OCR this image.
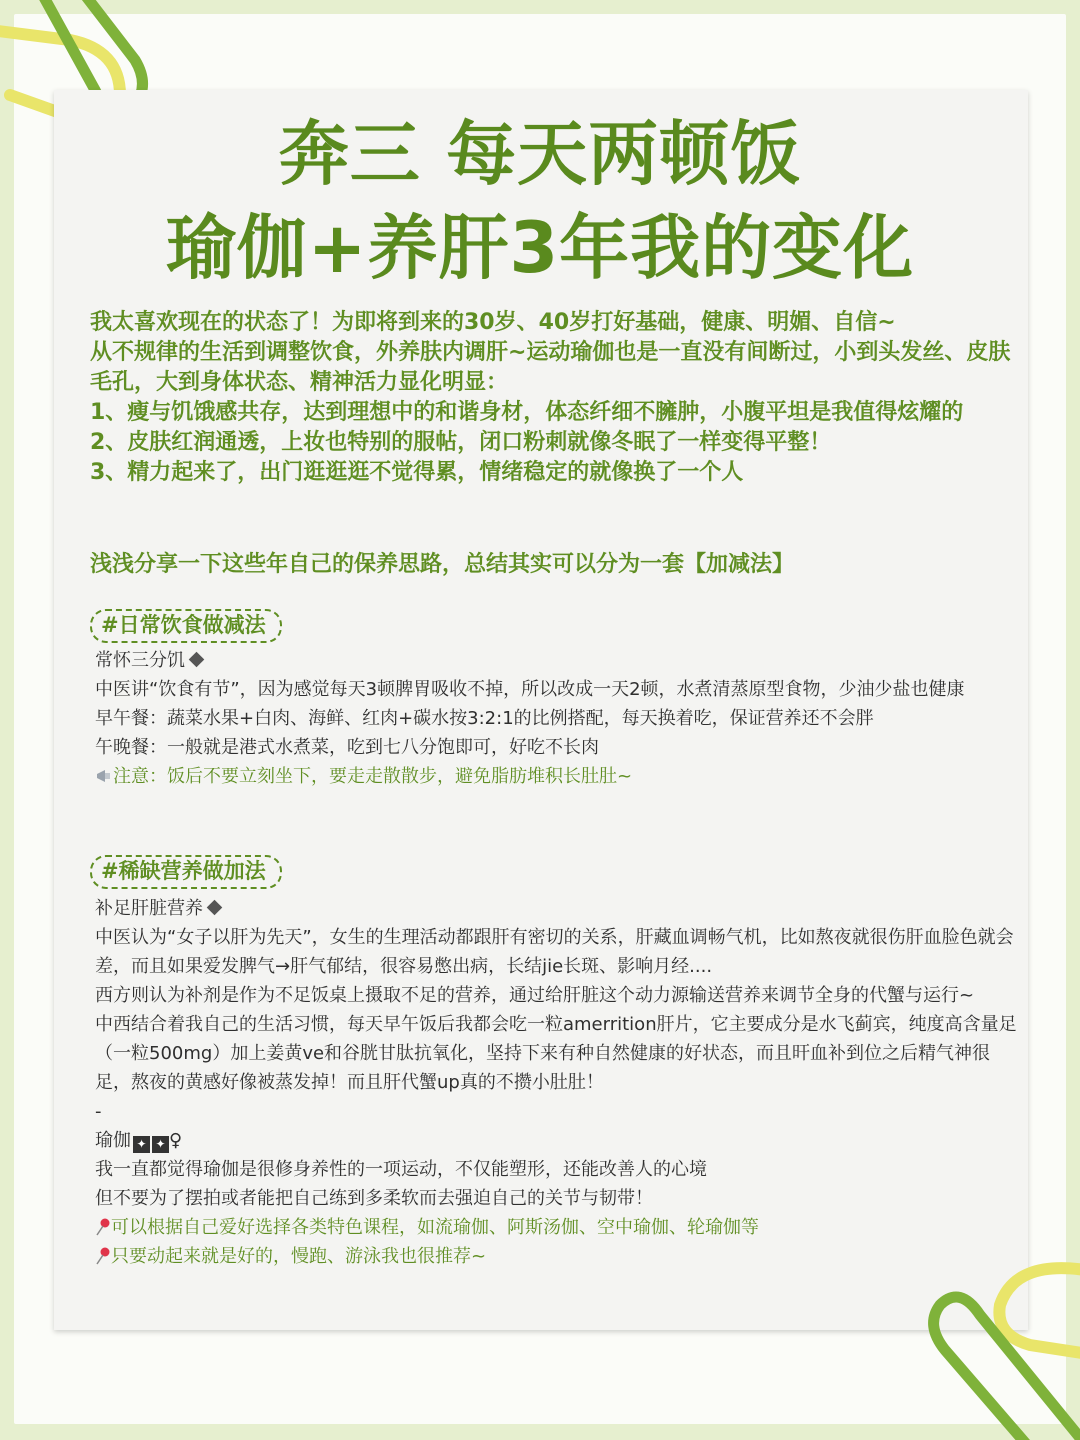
奔三 每天两顿饭
瑜伽+养肝3年我的变化

我太喜欢现在的状态了！为即将到来的30岁、40岁打好基础，健康、明媚、自信~

从不规律的生活到调整饮食，外养肤内调肝~运动瑜伽也是一直没有间断过，小到头发丝、皮肤毛孔，大到身体状态、精神活力显化明显：

1、瘦与饥饿感共存，达到理想中的和谐身材，体态纤细不臃肿，小腹平坦是我值得炫耀的

2、皮肤红润通透，上妆也特别的服帖，闭口粉刺就像冬眠了一样变得平整！

3、精力起来了，出门逛逛逛不觉得累，情绪稳定的就像换了一个人

浅浅分享一下这些年自己的保养思路，总结其实可以分为一套【加减法】
#日常饮食做减法

常怀三分饥

中医讲“饮食有节”，因为感觉每天3顿脾胃吸收不掉，所以改成一天2顿，水煮清蒸原型食物，少油少盐也健康

早午餐：蔬菜水果+白肉、海鲜、红肉+碳水按3:2:1的比例搭配，每天换着吃，保证营养还不会胖

午晚餐：一般就是港式水煮菜，吃到七八分饱即可，好吃不长肉

注意：饭后不要立刻坐下，要走走散散步，避免脂肪堆积长肚肚~

#稀缺营养做加法

补足肝脏营养

中医认为“女子以肝为先天”，女生的生理活动都跟肝有密切的关系，肝藏血调畅气机，比如熬夜就很伤肝血脸色就会差，而且如果爱发脾气→肝气郁结，很容易憋出病，长结jie长斑、影响月经....

西方则认为补剂是作为不足饭桌上摄取不足的营养，通过给肝脏这个动力源输送营养来调节全身的代蟹与运行~

中西结合着我自己的生活习惯，每天早午饭后我都会吃一粒amerrition肝片，它主要成分是水飞蓟宾，纯度高含量足（一粒500mg）加上姜黄ve和谷胱甘肽抗氧化，坚持下来有种自然健康的好状态，而且旰血补到位之后精气神很足，熬夜的黄感好像被蒸发掉！而且肝代蟹up真的不攒小肚肚！

-

瑜伽 ✦ ✦ ♀

我一直都觉得瑜伽是很修身养性的一项运动，不仅能塑形，还能改善人的心境

但不要为了摆拍或者能把自己练到多柔软而去强迫自己的关节与韧带！

可以根据自己爱好选择各类特色课程，如流瑜伽、阿斯汤伽、空中瑜伽、轮瑜伽等

只要动起来就是好的，慢跑、游泳我也很推荐~
